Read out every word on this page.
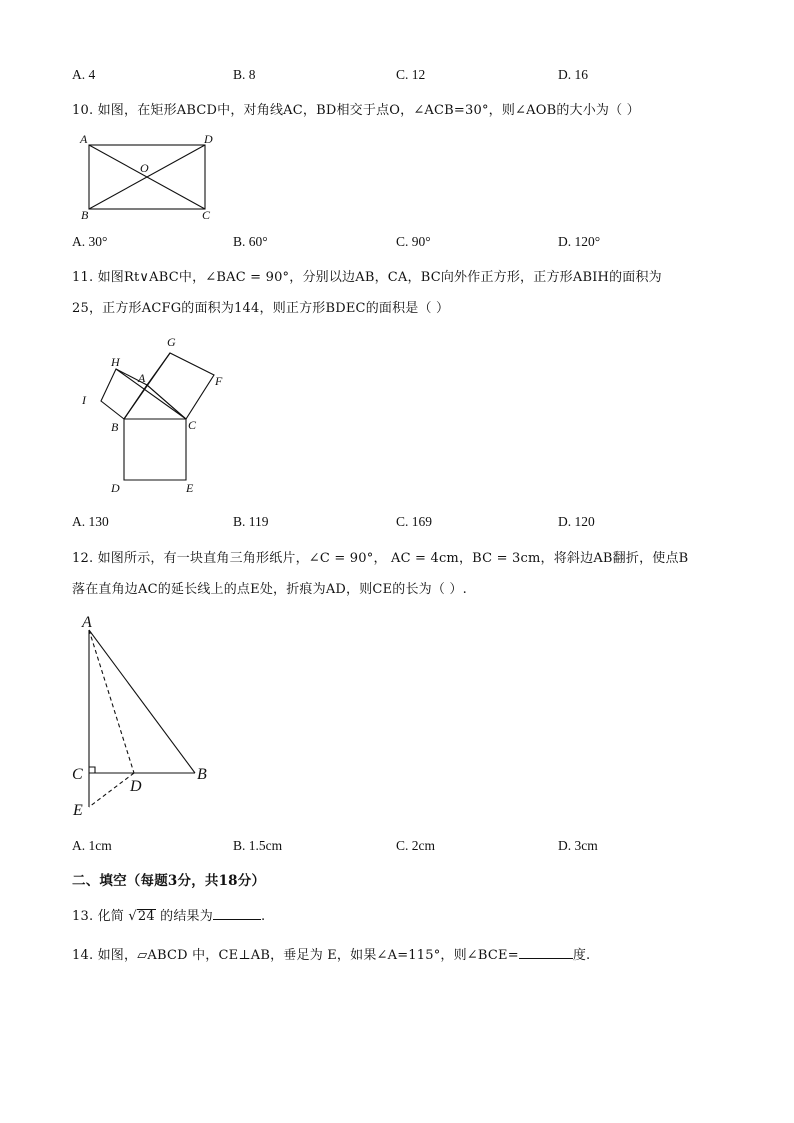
A. 4	B. 8	C. 12	D. 16
10. 如图，在矩形ABCD中，对角线AC，BD相交于点O，∠ACB=30°，则∠AOB的大小为（ ）
A	D
O
B	C
A. 30°	B. 60°	C. 90°	D. 120°
11. 如图Rt∨ABC中，∠BAC = 90°，分别以边AB，CA，BC向外作正方形，正方形ABIH的面积为
25，正方形ACFG的面积为144，则正方形BDEC的面积是（ ）
H
G
A	F
I
B	C
D	E
A. 130	B. 119	C. 169	D. 120
12. 如图所示，有一块直角三角形纸片，∠C = 90°， AC = 4cm，BC = 3cm，将斜边AB翻折，使点B
落在直角边AC的延长线上的点E处，折痕为AD，则CE的长为（ ）.
A
C
D
B
E
A. 1cm	B. 1.5cm	C. 2cm	D. 3cm
二、填空（每题3分，共18分）
13. 化简 √24 的结果为	.
14. 如图，▱ABCD 中，CE⊥AB，垂足为 E，如果∠A=115°，则∠BCE=	度.
